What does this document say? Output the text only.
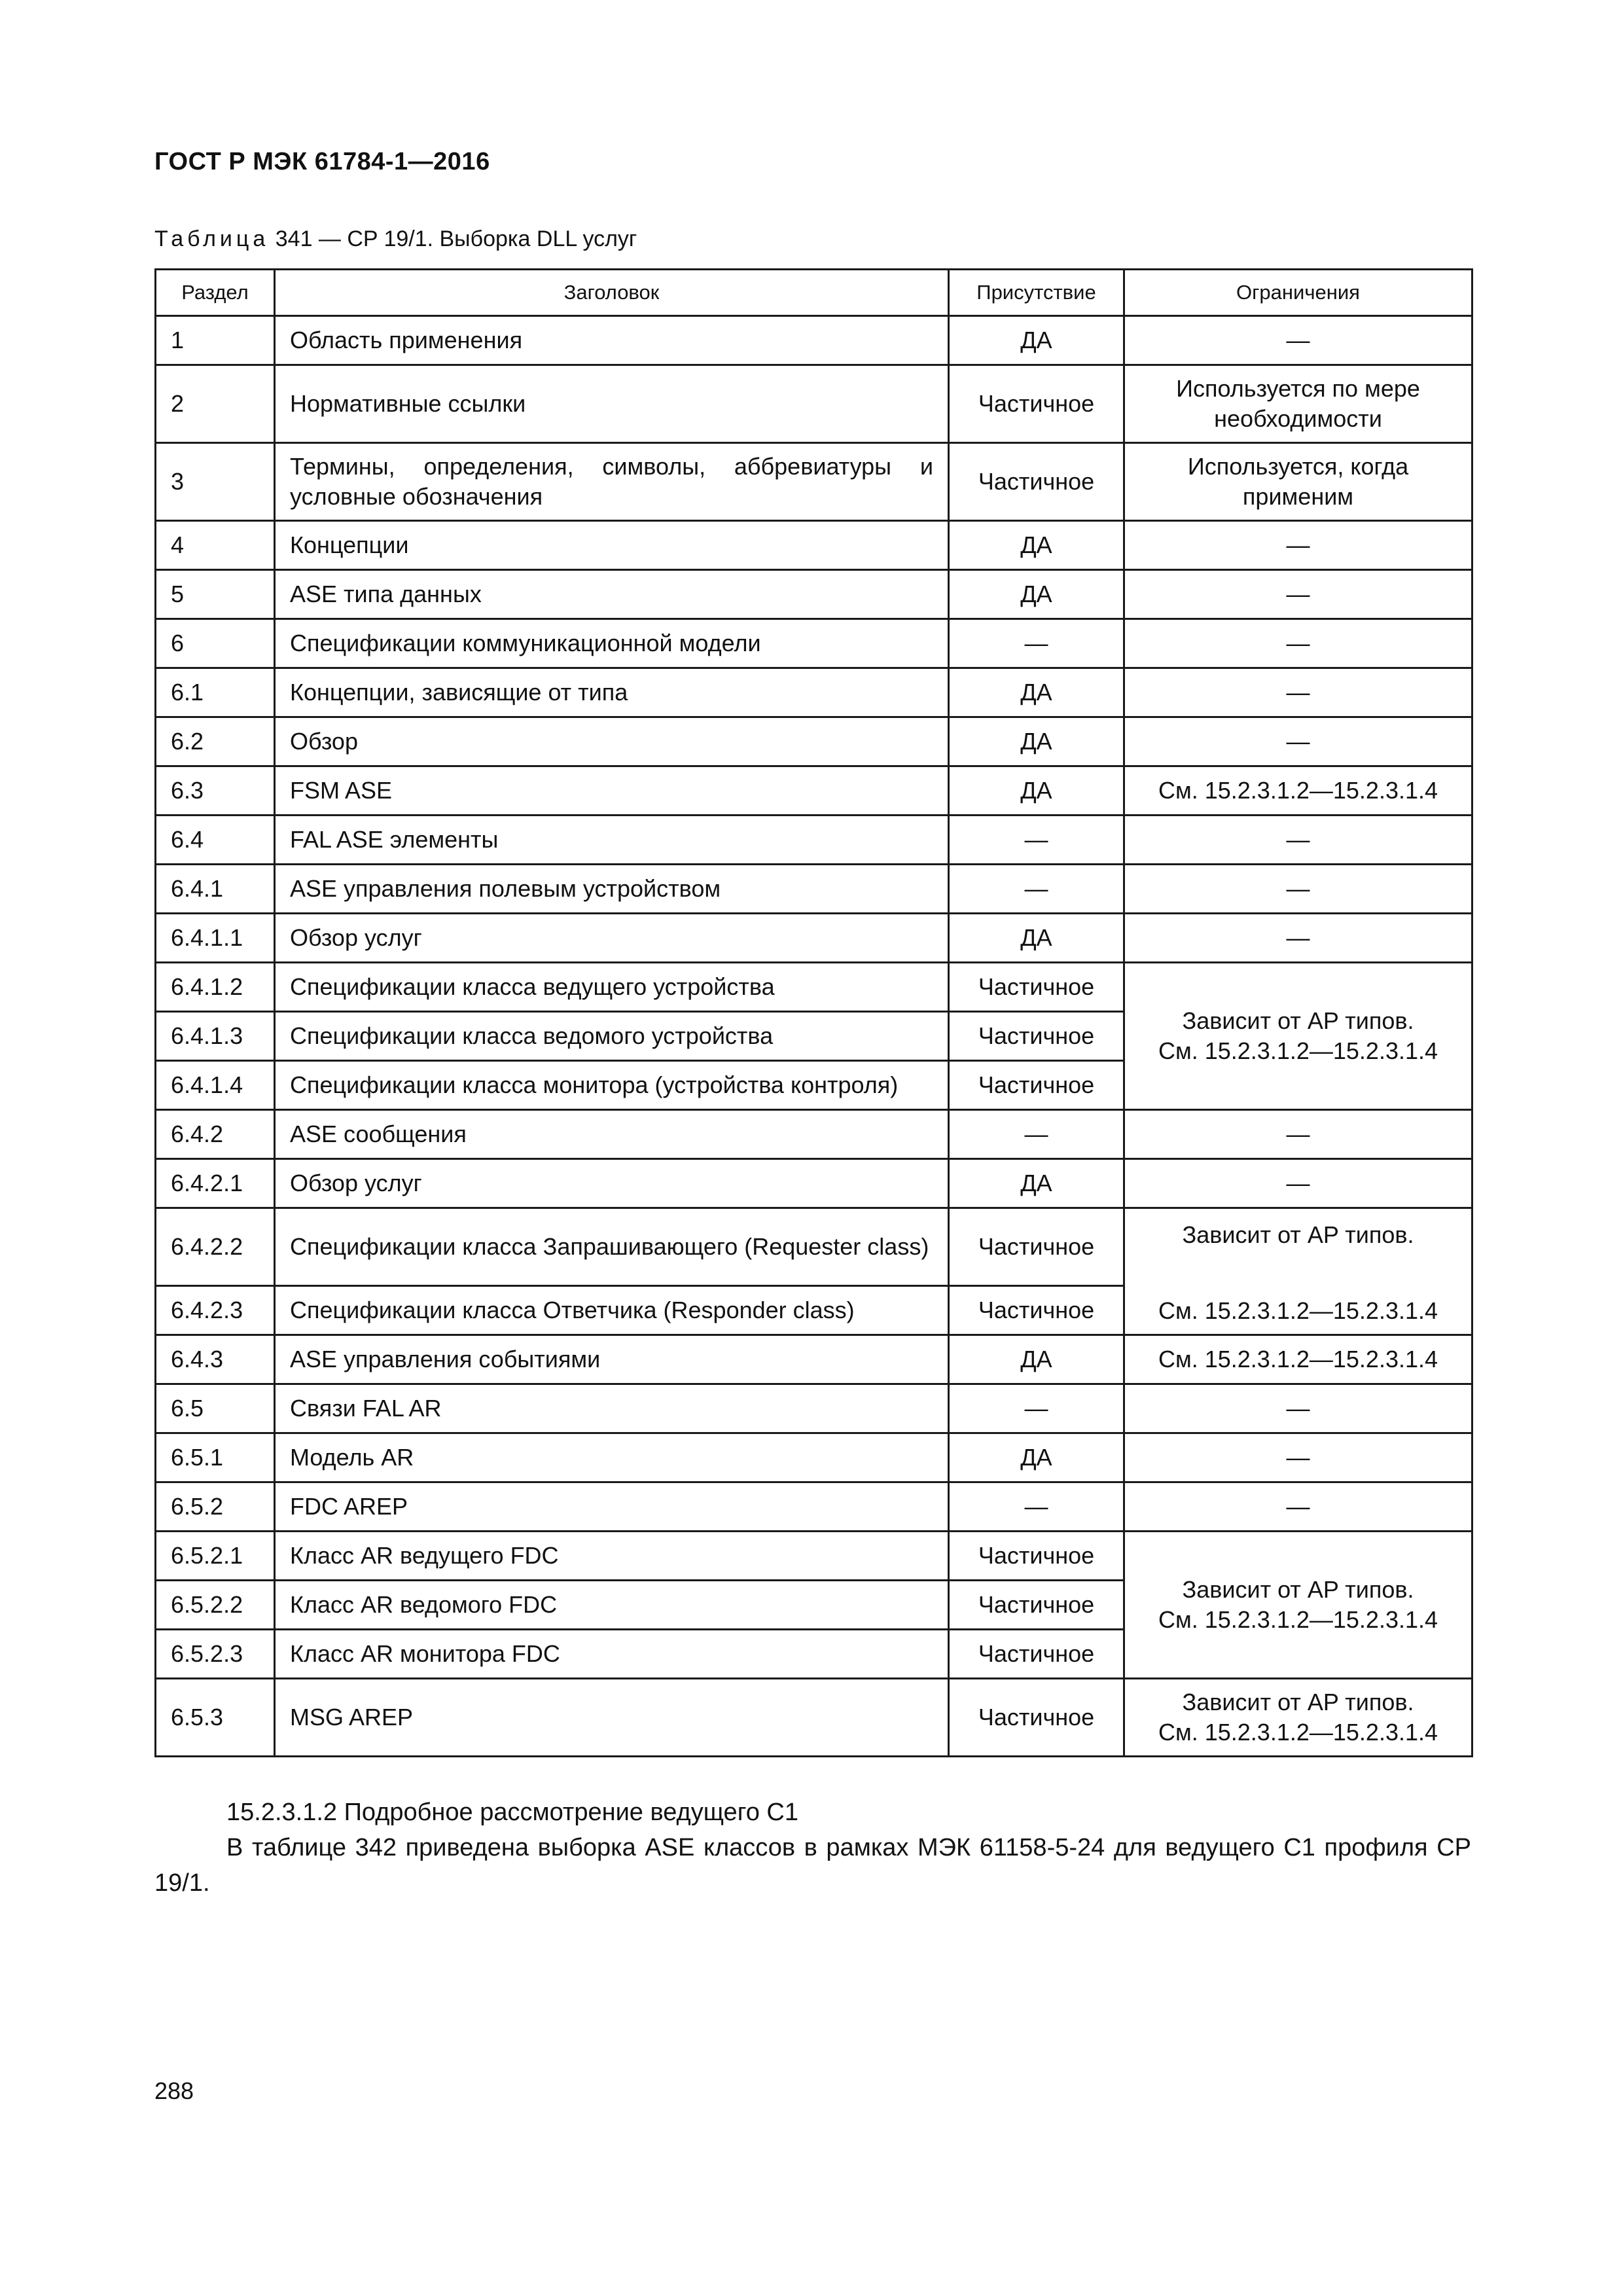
ГОСТ Р МЭК 61784-1—2016
Таблица 341 — CP 19/1. Выборка DLL услуг
Раздел	Заголовок	Присутствие	Ограничения
1	Область применения	ДА	—
2	Нормативные ссылки	Частичное	Используется по мере
необходимости

3	Термины, определения, символы, аббревиатуры и условные обозначения	Частичное	Используется, когда
применим

4	Концепции	ДА	—
5	ASE типа данных	ДА	—
6	Спецификации коммуникационной модели	—	—
6.1	Концепции, зависящие от типа	ДА	—
6.2	Обзор	ДА	—
6.3	FSM ASE	ДА	См. 15.2.3.1.2—15.2.3.1.4
6.4	FAL ASE элементы	—	—
6.4.1	ASE управления полевым устройством	—	—
6.4.1.1	Обзор услуг	ДА	—
6.4.1.2	Спецификации класса ведущего устройства	Частичное	Зависит от AP типов.
См. 15.2.3.1.2—15.2.3.1.4

6.4.1.3	Спецификации класса ведомого устройства	Частичное	
6.4.1.4	Спецификации класса монитора (устройства контроля)	Частичное	
6.4.2	ASE сообщения	—	—
6.4.2.1	Обзор услуг	ДА	—
6.4.2.2	Спецификации класса Запрашивающего (Requester class)	Частичное	Зависит от AP типов.
См. 15.2.3.1.2—15.2.3.1.4

6.4.2.3	Спецификации класса Ответчика (Responder class)	Частичное	
6.4.3	ASE управления событиями	ДА	См. 15.2.3.1.2—15.2.3.1.4
6.5	Связи FAL AR	—	—
6.5.1	Модель AR	ДА	—
6.5.2	FDC AREP	—	—
6.5.2.1	Класс AR ведущего FDC	Частичное	Зависит от AP типов.
См. 15.2.3.1.2—15.2.3.1.4

6.5.2.2	Класс AR ведомого FDC	Частичное	
6.5.2.3	Класс AR монитора FDC	Частичное	
6.5.3	MSG AREP	Частичное	Зависит от AP типов.
См. 15.2.3.1.2—15.2.3.1.4
15.2.3.1.2 Подробное рассмотрение ведущего С1
В таблице 342 приведена выборка ASE классов в рамках МЭК 61158-5-24 для ведущего С1 профиля CP 19/1.
288
